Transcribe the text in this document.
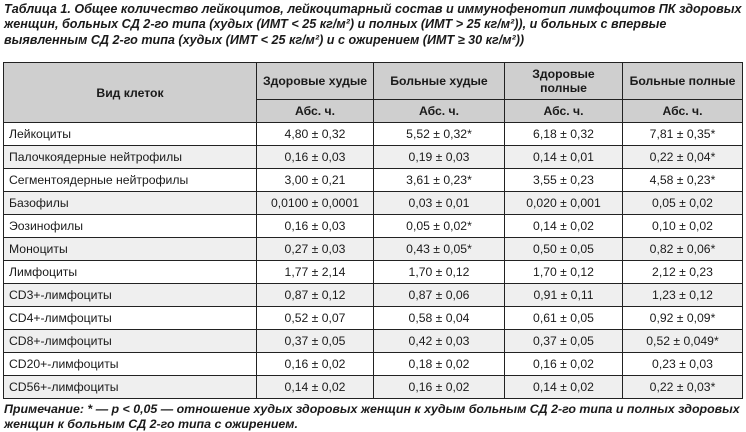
Таблица 1. Общее количество лейкоцитов, лейкоцитарный состав и иммунофенотип лимфоцитов ПК здоровых женщин, больных СД 2-го типа (худых (ИМТ < 25 кг/м²) и полных (ИМТ > 25 кг/м²)), и больных с впервые выявленным СД 2-го типа (худых (ИМТ < 25 кг/м²) и с ожирением (ИМТ ≥ 30 кг/м²))

Вид клеток	Здоровые худые	Больные худые	Здоровые полные	Больные полные
	Абс. ч.	Абс. ч.	Абс. ч.	Абс. ч.
Лейкоциты	4,80 ± 0,32	5,52 ± 0,32*	6,18 ± 0,32	7,81 ± 0,35*
Палочкоядерные нейтрофилы	0,16 ± 0,03	0,19 ± 0,03	0,14 ± 0,01	0,22 ± 0,04*
Сегментоядерные нейтрофилы	3,00 ± 0,21	3,61 ± 0,23*	3,55 ± 0,23	4,58 ± 0,23*
Базофилы	0,0100 ± 0,0001	0,03 ± 0,01	0,020 ± 0,001	0,05 ± 0,02
Эозинофилы	0,16 ± 0,03	0,05 ± 0,02*	0,14 ± 0,02	0,10 ± 0,02
Моноциты	0,27 ± 0,03	0,43 ± 0,05*	0,50 ± 0,05	0,82 ± 0,06*
Лимфоциты	1,77 ± 2,14	1,70 ± 0,12	1,70 ± 0,12	2,12 ± 0,23
CD3+-лимфоциты	0,87 ± 0,12	0,87 ± 0,06	0,91 ± 0,11	1,23 ± 0,12
CD4+-лимфоциты	0,52 ± 0,07	0,58 ± 0,04	0,61 ± 0,05	0,92 ± 0,09*
CD8+-лимфоциты	0,37 ± 0,05	0,42 ± 0,03	0,37 ± 0,05	0,52 ± 0,049*
CD20+-лимфоциты	0,16 ± 0,02	0,18 ± 0,02	0,16 ± 0,02	0,23 ± 0,03
CD56+-лимфоциты	0,14 ± 0,02	0,16 ± 0,02	0,14 ± 0,02	0,22 ± 0,03*

Примечание: * — p < 0,05 — отношение худых здоровых женщин к худым больным СД 2-го типа и полных здоровых женщин к больным СД 2-го типа с ожирением.
